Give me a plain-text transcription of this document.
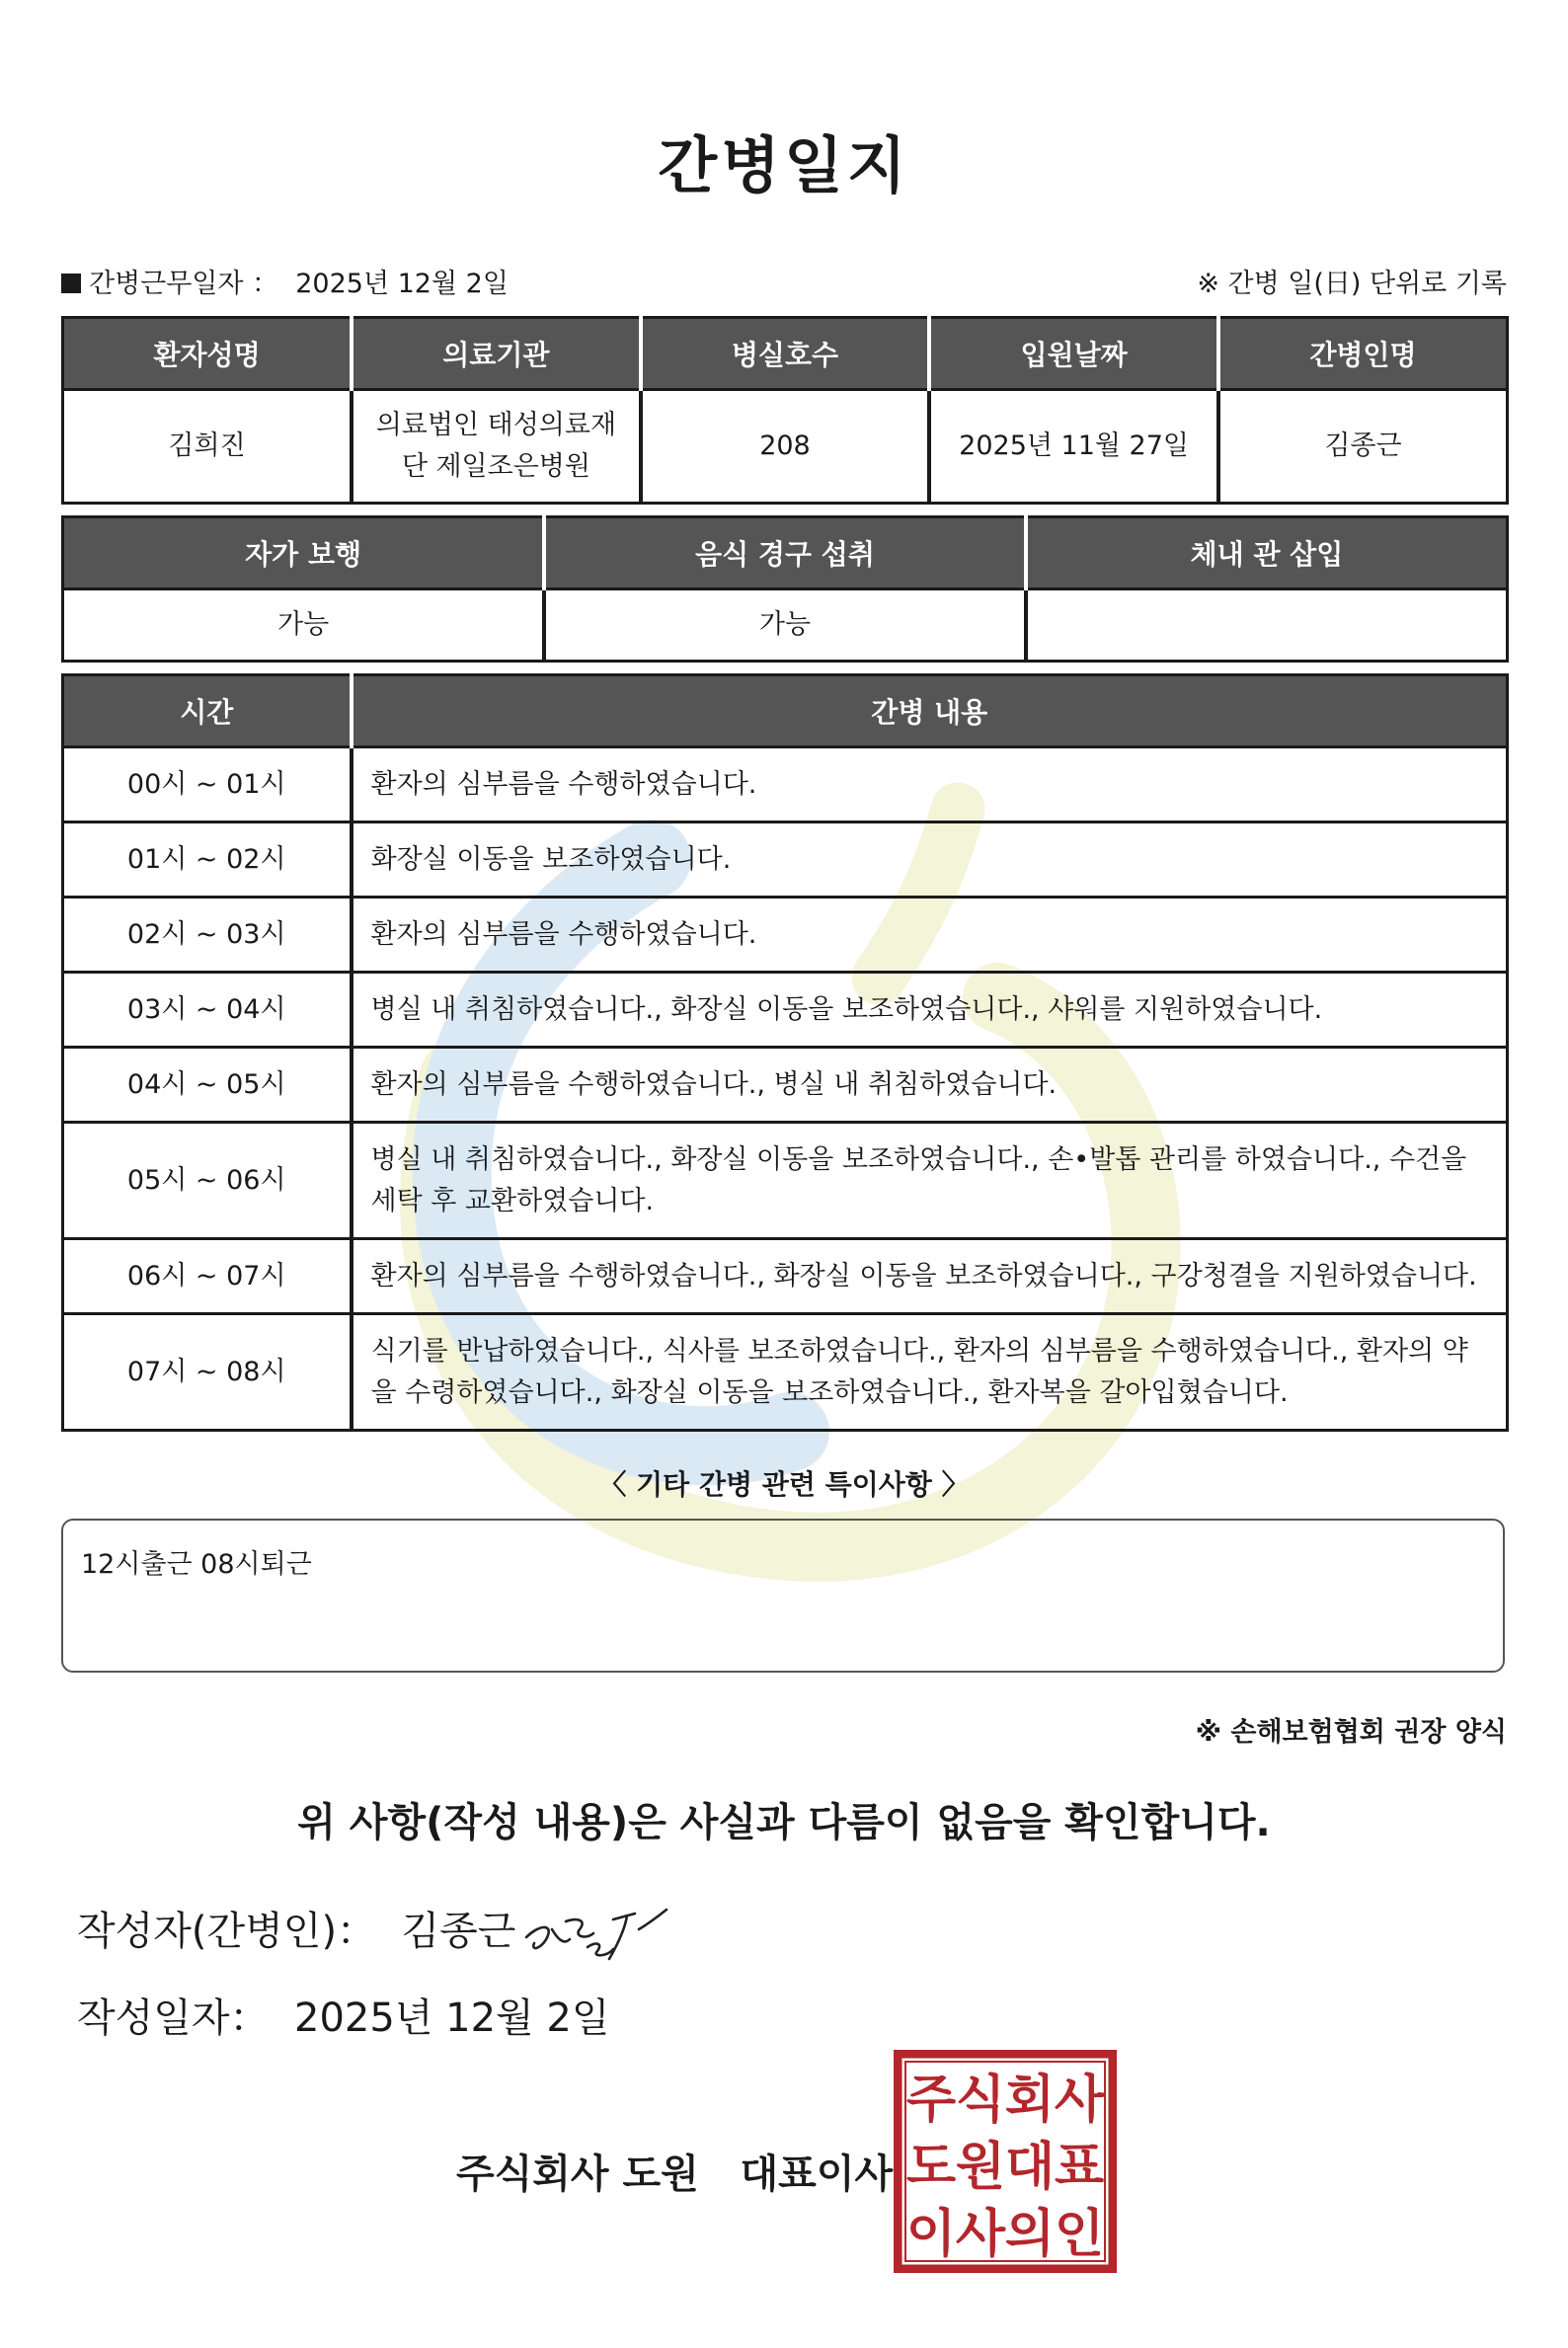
간병일지
간병근무일자 ： 2025년 12월 2일	※ 간병 일(日) 단위로 기록
환자성명	의료기관	병실호수	입원날짜	간병인명
김희진	의료법인 태성의료재단 제일조은병원	208	2025년 11월 27일	김종근
자가 보행	음식 경구 섭취	체내 관 삽입
가능	가능	
시간	간병 내용
00시 ~ 01시	환자의 심부름을 수행하였습니다.
01시 ~ 02시	화장실 이동을 보조하였습니다.
02시 ~ 03시	환자의 심부름을 수행하였습니다.
03시 ~ 04시	병실 내 취침하였습니다., 화장실 이동을 보조하였습니다., 샤워를 지원하였습니다.
04시 ~ 05시	환자의 심부름을 수행하였습니다., 병실 내 취침하였습니다.
05시 ~ 06시	병실 내 취침하였습니다., 화장실 이동을 보조하였습니다., 손•발톱 관리를 하였습니다., 수건을 세탁 후 교환하였습니다.
06시 ~ 07시	환자의 심부름을 수행하였습니다., 화장실 이동을 보조하였습니다., 구강청결을 지원하였습니다.
07시 ~ 08시	식기를 반납하였습니다., 식사를 보조하였습니다., 환자의 심부름을 수행하였습니다., 환자의 약을 수령하였습니다., 화장실 이동을 보조하였습니다., 환자복을 갈아입혔습니다.
〈 기타 간병 관련 특이사항 〉
12시출근 08시퇴근
※ 손해보험협회 권장 양식
위 사항(작성 내용)은 사실과 다름이 없음을 확인합니다.
작성자(간병인)： 김종근
작성일자： 2025년 12월 2일
주식회사 도원   대표이사
주 식 회 사
도 원 대 표
이 사 의 인
